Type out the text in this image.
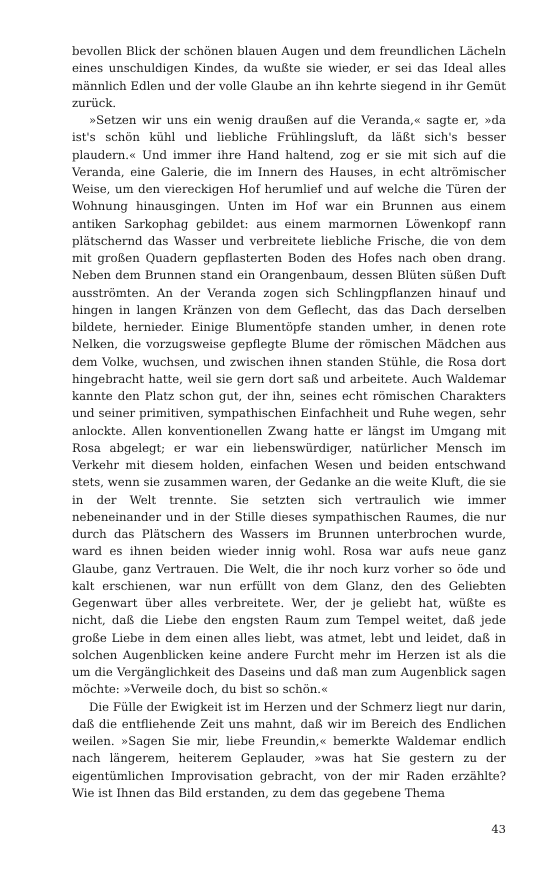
bevollen Blick der schönen blauen Augen und dem freundlichen Lächeln eines unschuldigen Kindes, da wußte sie wieder, er sei das Ideal alles männlich Edlen und der volle Glaube an ihn kehrte siegend in ihr Gemüt zurück.

»Setzen wir uns ein wenig draußen auf die Veranda,« sagte er, »da ist's schön kühl und liebliche Frühlingsluft, da läßt sich's besser plaudern.« Und immer ihre Hand haltend, zog er sie mit sich auf die Veranda, eine Galerie, die im Innern des Hauses, in echt altrömischer Weise, um den viereckigen Hof herumlief und auf welche die Türen der Wohnung hinausgingen. Unten im Hof war ein Brunnen aus einem antiken Sarkophag gebildet: aus einem marmornen Löwenkopf rann plätschernd das Wasser und verbreitete liebliche Frische, die von dem mit großen Quadern gepflasterten Boden des Hofes nach oben drang. Neben dem Brunnen stand ein Orangenbaum, dessen Blüten süßen Duft ausströmten. An der Veranda zogen sich Schlingpflanzen hinauf und hingen in langen Kränzen von dem Geflecht, das das Dach derselben bildete, hernieder. Einige Blumentöpfe standen umher, in denen rote Nelken, die vorzugsweise gepflegte Blume der römischen Mädchen aus dem Volke, wuchsen, und zwischen ihnen standen Stühle, die Rosa dort hingebracht hatte, weil sie gern dort saß und arbeitete. Auch Waldemar kannte den Platz schon gut, der ihn, seines echt römischen Charakters und seiner primitiven, sympathischen Einfachheit und Ruhe wegen, sehr anlockte. Allen konventionellen Zwang hatte er längst im Umgang mit Rosa abgelegt; er war ein liebenswürdiger, natürlicher Mensch im Verkehr mit diesem holden, einfachen Wesen und beiden entschwand stets, wenn sie zusammen waren, der Gedanke an die weite Kluft, die sie in der Welt trennte. Sie setzten sich vertraulich wie immer nebeneinander und in der Stille dieses sympathischen Raumes, die nur durch das Plätschern des Wassers im Brunnen unterbrochen wurde, ward es ihnen beiden wieder innig wohl. Rosa war aufs neue ganz Glaube, ganz Vertrauen. Die Welt, die ihr noch kurz vorher so öde und kalt erschienen, war nun erfüllt von dem Glanz, den des Geliebten Gegenwart über alles verbreitete. Wer, der je geliebt hat, wüßte es nicht, daß die Liebe den engsten Raum zum Tempel weitet, daß jede große Liebe in dem einen alles liebt, was atmet, lebt und leidet, daß in solchen Augenblicken keine andere Furcht mehr im Herzen ist als die um die Vergänglichkeit des Daseins und daß man zum Augenblick sagen möchte: »Verweile doch, du bist so schön.«

Die Fülle der Ewigkeit ist im Herzen und der Schmerz liegt nur darin, daß die entfliehende Zeit uns mahnt, daß wir im Bereich des Endlichen weilen. »Sagen Sie mir, liebe Freundin,« bemerkte Waldemar endlich nach längerem, heiterem Geplauder, »was hat Sie gestern zu der eigentümlichen Improvisation gebracht, von der mir Raden erzählte? Wie ist Ihnen das Bild erstanden, zu dem das gegebene Thema

43
